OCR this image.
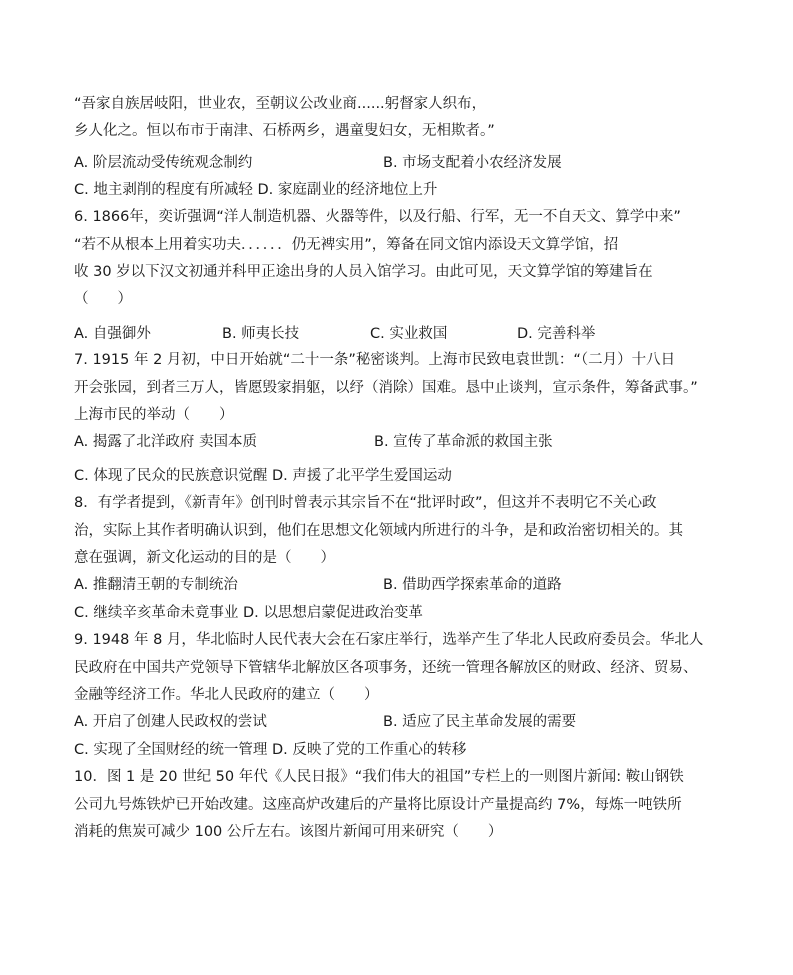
“吾家自族居岐阳，世业农，至朝议公改业商......躬督家人织布，
乡人化之。恒以布市于南津、石桥两乡，遇童叟妇女，无相欺者。”
A. 阶层流动受传统观念制约	B. 市场支配着小农经济发展
C. 地主剥削的程度有所减轻 D. 家庭副业的经济地位上升
6. 1866年，奕䜣强调“洋人制造机器、火器等件，以及行船、行军，无一不自天文、算学中来”
“若不从根本上用着实功夫．．．．．．仍无裨实用”，筹备在同文馆内添设天文算学馆，招
收 30 岁以下汉文初通并科甲正途出身的人员入馆学习。由此可见，天文算学馆的筹建旨在
（　　）
A. 自强御外	B. 师夷长技	C. 实业救国	D. 完善科举
7. 1915 年 2 月初，中日开始就“二十一条”秘密谈判。上海市民致电袁世凯：“（二月）十八日
开会张园，到者三万人，皆愿毁家捐躯，以纾（消除）国难。恳中止谈判，宣示条件，筹备武事。”
上海市民的举动（　　）
A. 揭露了北洋政府 卖国本质	B. 宣传了革命派的救国主张
C. 体现了民众的民族意识觉醒 D. 声援了北平学生爱国运动
8．有学者提到，《新青年》创刊时曾表示其宗旨不在“批评时政”，但这并不表明它不关心政
治，实际上其作者明确认识到，他们在思想文化领域内所进行的斗争，是和政治密切相关的。其
意在强调，新文化运动的目的是（　　）
A. 推翻清王朝的专制统治	B. 借助西学探索革命的道路
C. 继续辛亥革命未竟事业 D. 以思想启蒙促进政治变革
9. 1948 年 8 月，华北临时人民代表大会在石家庄举行，选举产生了华北人民政府委员会。华北人
民政府在中国共产党领导下管辖华北解放区各项事务，还统一管理各解放区的财政、经济、贸易、
金融等经济工作。华北人民政府的建立（　　）
A. 开启了创建人民政权的尝试	B. 适应了民主革命发展的需要
C. 实现了全国财经的统一管理 D. 反映了党的工作重心的转移
10．图 1 是 20 世纪 50 年代《人民日报》“我们伟大的祖国”专栏上的一则图片新闻: 鞍山钢铁
公司九号炼铁炉已开始改建。这座高炉改建后的产量将比原设计产量提高约 7%，每炼一吨铁所
消耗的焦炭可减少 100 公斤左右。该图片新闻可用来研究（　　）
